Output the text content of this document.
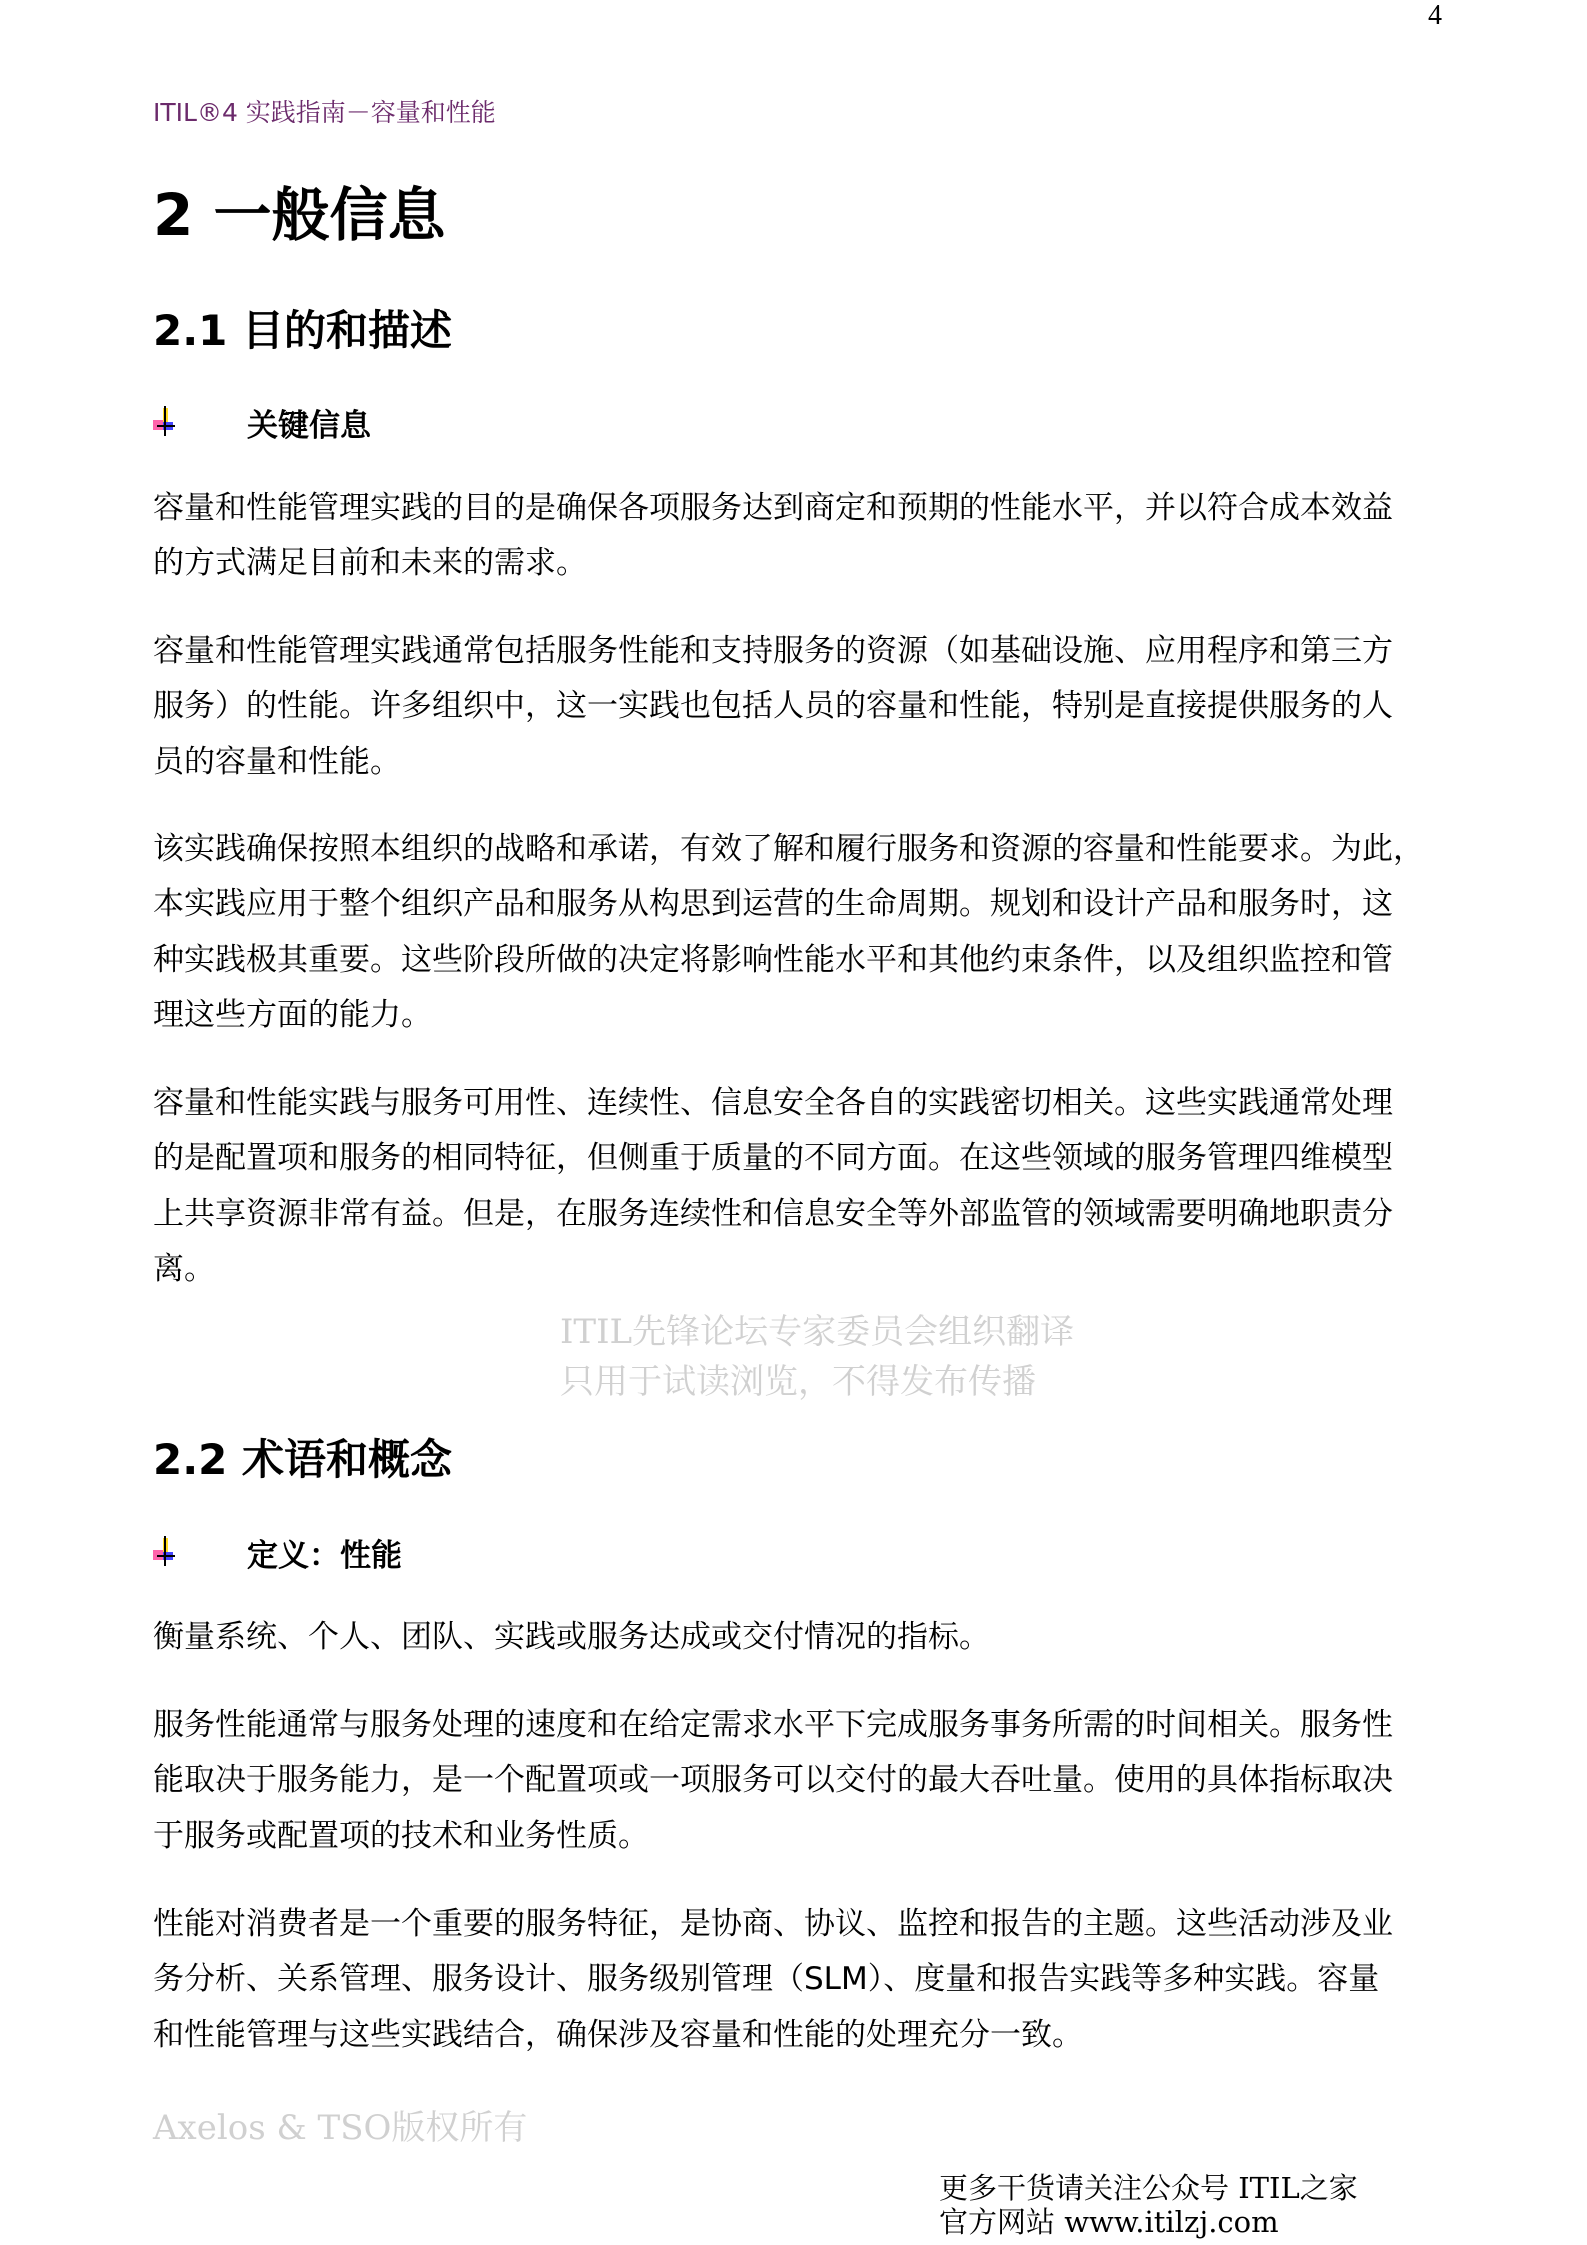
4
ITIL®4 实践指南－容量和性能
2 一般信息
2.1 目的和描述
关键信息
容量和性能管理实践的目的是确保各项服务达到商定和预期的性能水平，并以符合成本效益
的方式满足目前和未来的需求。
容量和性能管理实践通常包括服务性能和支持服务的资源（如基础设施、应用程序和第三方
服务）的性能。许多组织中，这一实践也包括人员的容量和性能，特别是直接提供服务的人
员的容量和性能。
该实践确保按照本组织的战略和承诺，有效了解和履行服务和资源的容量和性能要求。为此，
本实践应用于整个组织产品和服务从构思到运营的生命周期。规划和设计产品和服务时，这
种实践极其重要。这些阶段所做的决定将影响性能水平和其他约束条件，以及组织监控和管
理这些方面的能力。
容量和性能实践与服务可用性、连续性、信息安全各自的实践密切相关。这些实践通常处理
的是配置项和服务的相同特征，但侧重于质量的不同方面。在这些领域的服务管理四维模型
上共享资源非常有益。但是，在服务连续性和信息安全等外部监管的领域需要明确地职责分
离。
ITIL先锋论坛专家委员会组织翻译
只用于试读浏览，不得发布传播
2.2 术语和概念
定义：性能
衡量系统、个人、团队、实践或服务达成或交付情况的指标。
服务性能通常与服务处理的速度和在给定需求水平下完成服务事务所需的时间相关。服务性
能取决于服务能力，是一个配置项或一项服务可以交付的最大吞吐量。使用的具体指标取决
于服务或配置项的技术和业务性质。
性能对消费者是一个重要的服务特征，是协商、协议、监控和报告的主题。这些活动涉及业
务分析、关系管理、服务设计、服务级别管理（SLM）、度量和报告实践等多种实践。容量
和性能管理与这些实践结合，确保涉及容量和性能的处理充分一致。
Axelos & TSO版权所有
更多干货请关注公众号 ITIL之家
官方网站 www.itilzj.com
